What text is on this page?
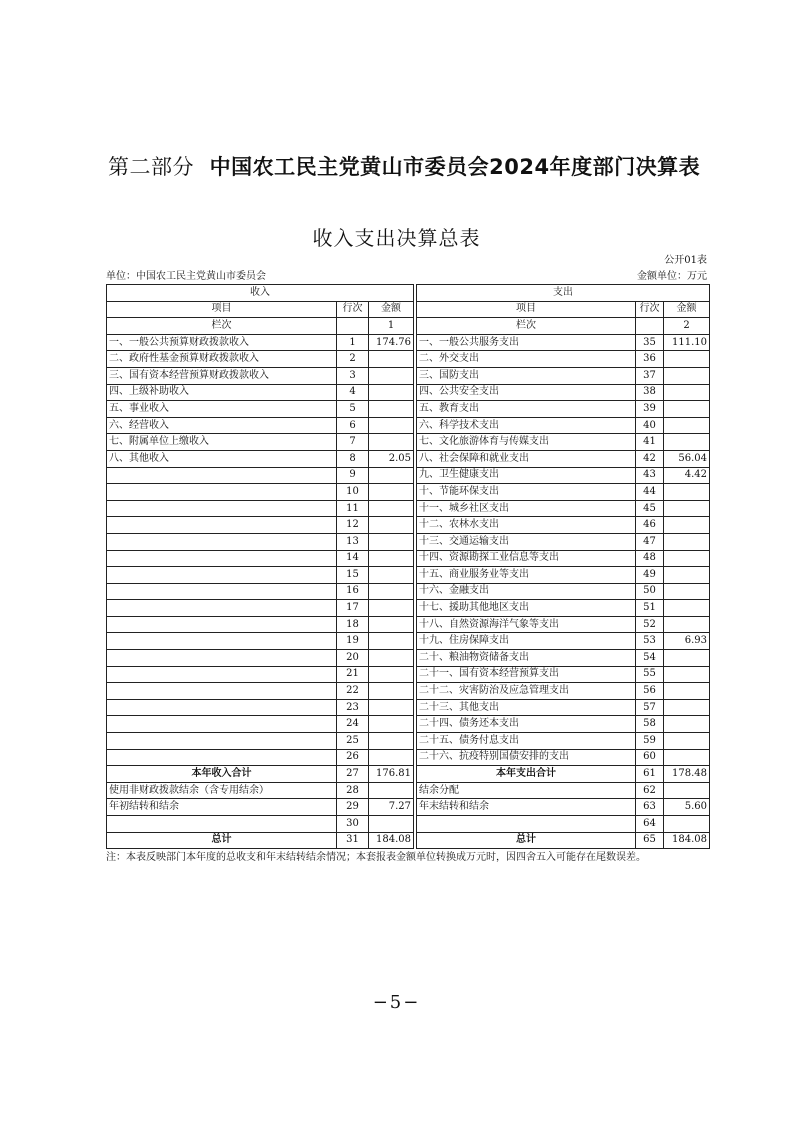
第二部分 中国农工民主党黄山市委员会2024年度部门决算表
收入支出决算总表
公开01表
单位：中国农工民主党黄山市委员会	金额单位：万元
收入				支出		
项目	行次	金额		项目	行次	金额
栏次		1		栏次		2
一、一般公共预算财政拨款收入	1	174.76		一、一般公共服务支出	35	111.10
二、政府性基金预算财政拨款收入	2			二、外交支出	36	
三、国有资本经营预算财政拨款收入	3			三、国防支出	37	
四、上级补助收入	4			四、公共安全支出	38	
五、事业收入	5			五、教育支出	39	
六、经营收入	6			六、科学技术支出	40	
七、附属单位上缴收入	7			七、文化旅游体育与传媒支出	41	
八、其他收入	8	2.05		八、社会保障和就业支出	42	56.04
	9			九、卫生健康支出	43	4.42
	10			十、节能环保支出	44	
	11			十一、城乡社区支出	45	
	12			十二、农林水支出	46	
	13			十三、交通运输支出	47	
	14			十四、资源勘探工业信息等支出	48	
	15			十五、商业服务业等支出	49	
	16			十六、金融支出	50	
	17			十七、援助其他地区支出	51	
	18			十八、自然资源海洋气象等支出	52	
	19			十九、住房保障支出	53	6.93
	20			二十、粮油物资储备支出	54	
	21			二十一、国有资本经营预算支出	55	
	22			二十二、灾害防治及应急管理支出	56	
	23			二十三、其他支出	57	
	24			二十四、债务还本支出	58	
	25			二十五、债务付息支出	59	
	26			二十六、抗疫特别国债安排的支出	60	
本年收入合计	27	176.81		本年支出合计	61	178.48
使用非财政拨款结余（含专用结余）	28			结余分配	62	
年初结转和结余	29	7.27		年末结转和结余	63	5.60
	30				64	
总计	31	184.08		总计	65	184.08
注：本表反映部门本年度的总收支和年末结转结余情况；本套报表金额单位转换成万元时，因四舍五入可能存在尾数误差。
−5−
